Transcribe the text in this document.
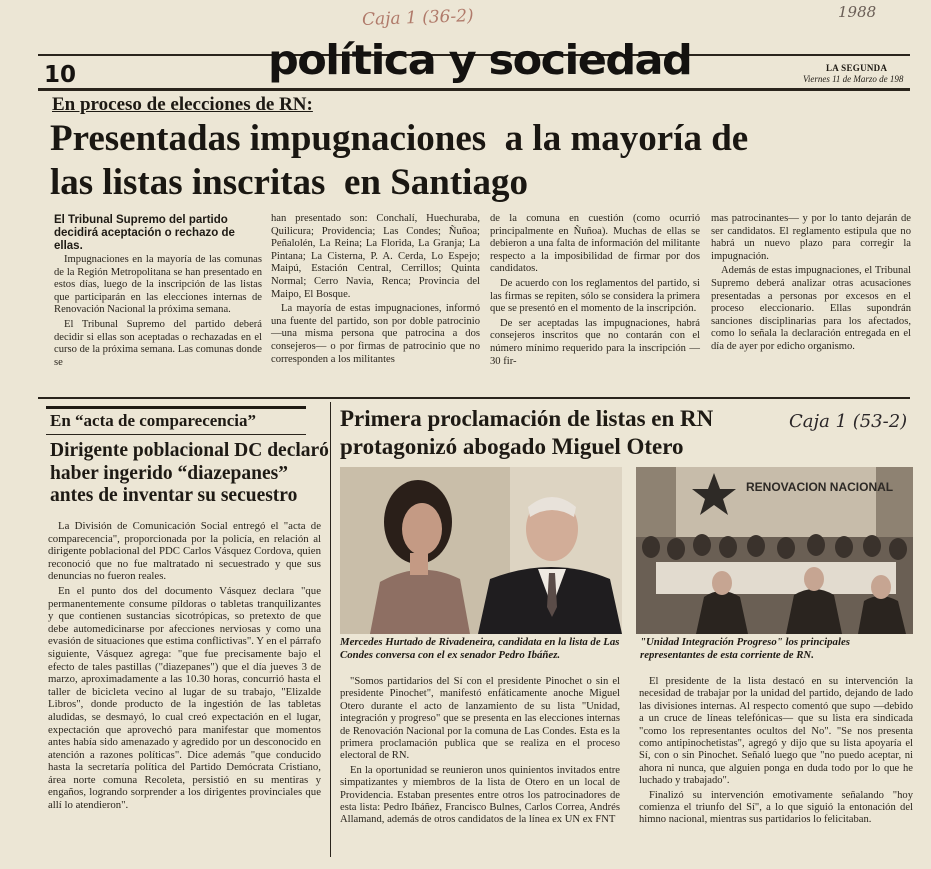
Caja 1 (36-2)	1988
10	política y sociedad	LA SEGUNDA
Viernes 11 de Marzo de 198
En proceso de elecciones de RN:
Presentadas impugnaciones  a la mayoría de
las listas inscritas  en Santiago
El Tribunal Supremo del partido decidirá aceptación o rechazo de ellas.

Impugnaciones en la mayoría de las comunas de la Región Metropolitana se han presentado en estos días, luego de la inscripción de las listas que participarán en las elecciones internas de Renovación Nacional la próxima semana.

El Tribunal Supremo del partido deberá decidir si ellas son aceptadas o rechazadas en el curso de la próxima semana. Las comunas donde se

han presentado son: Conchalí, Huechuraba, Quilicura; Providencia; Las Condes; Ñuñoa; Peñalolén, La Reina; La Florida, La Granja; La Pintana; La Cisterna, P. A. Cerda, Lo Espejo; Maipú, Estación Central, Cerrillos; Quinta Normal; Cerro Navia, Renca; Provincia del Maipo, El Bosque.

La mayoría de estas impugnaciones, informó una fuente del partido, son por doble patrocinio —una misma persona que patrocina a dos consejeros— o por firmas de patrocinio que no corresponden a los militantes

de la comuna en cuestión (como ocurrió principalmente en Ñuñoa). Muchas de ellas se debieron a una falta de información del militante respecto a la imposibilidad de firmar por dos candidatos.

De acuerdo con los reglamentos del partido, si las firmas se repiten, sólo se considera la primera que se presentó en el momento de la inscripción.

De ser aceptadas las impugnaciones, habrá consejeros inscritos que no contarán con el número mínimo requerido para la inscripción —30 fir-

mas patrocinantes— y por lo tanto dejarán de ser candidatos. El reglamento estipula que no habrá un nuevo plazo para corregir la impugnación.

Además de estas impugnaciones, el Tribunal Supremo deberá analizar otras acusaciones presentadas a personas por excesos en el proceso eleccionario. Ellas supondrán sanciones disciplinarias para los afectados, como lo señala la declaración entregada en el día de ayer por edicho organismo.

En “acta de comparecencia”
Dirigente poblacional DC declaró
haber ingerido “diazepanes”
antes de inventar su secuestro

La División de Comunicación Social entregó el "acta de comparecencia", proporcionada por la policía, en relación al dirigente poblacional del PDC Carlos Vásquez Cordova, quien reconoció que no fue maltratado ni secuestrado y que sus denuncias no fueron reales.

En el punto dos del documento Vásquez declara "que permanentemente consume píldoras o tabletas tranquilizantes y que contienen sustancias sicotrópicas, so pretexto de que debe automedicinarse por afecciones nerviosas y como una evasión de situaciones que estima conflictivas". Y en el párrafo siguiente, Vásquez agrega: "que fue precisamente bajo el efecto de tales pastillas ("diazepanes") que el día jueves 3 de marzo, aproximadamente a las 10.30 horas, concurrió hasta el taller de bicicleta vecino al lugar de su trabajo, "Elizalde Libros", donde producto de la ingestión de las tabletas aludidas, se desmayó, lo cual creó expectación en el lugar, expectación que aprovechó para manifestar que momentos antes había sido amenazado y agredido por un desconocido en atención a razones políticas". Dice además "que conducido hasta la secretaría política del Partido Demócrata Cristiano, área norte comuna Recoleta, persistió en su mentiras y engaños, logrando sorprender a los dirigentes provinciales que allí lo atendieron".

Primera proclamación de listas en RN
protagonizó abogado Miguel Otero
Caja 1 (53-2)
Mercedes Hurtado de Rivadeneira, candidata en la lista de Las Condes conversa con el ex senador Pedro Ibáñez.
RENOVACION NACIONAL
"Unidad Integración Progreso" los principales representantes de esta corriente de RN.

"Somos partidarios del Sí con el presidente Pinochet o sin el presidente Pinochet", manifestó enfáticamente anoche Miguel Otero durante el acto de lanzamiento de su lista "Unidad, integración y progreso" que se presenta en las elecciones internas de Renovación Nacional por la comuna de Las Condes. Esta es la primera proclamación publica que se realiza en el proceso electoral de RN.

En la oportunidad se reunieron unos quinientos invitados entre simpatizantes y miembros de la lista de Otero en un local de Providencia. Estaban presentes entre otros los patrocinadores de esta lista: Pedro Ibáñez, Francisco Bulnes, Carlos Correa, Andrés Allamand, además de otros candidatos de la línea ex UN ex FNT

El presidente de la lista destacó en su intervención la necesidad de trabajar por la unidad del partido, dejando de lado las divisiones internas. Al respecto comentó que supo —debido a un cruce de líneas telefónicas— que su lista era sindicada "como los representantes ocultos del No". "Se nos presenta como antipinochetistas", agregó y dijo que su lista apoyaría el Sí, con o sin Pinochet. Señaló luego que "no puedo aceptar, ni ahora ni nunca, que alguien ponga en duda todo por lo que he luchado y trabajado".

Finalizó su intervención emotivamente señalando "hoy comienza el triunfo del Sí", a lo que siguió la entonación del himno nacional, mientras sus partidarios lo felicitaban.
